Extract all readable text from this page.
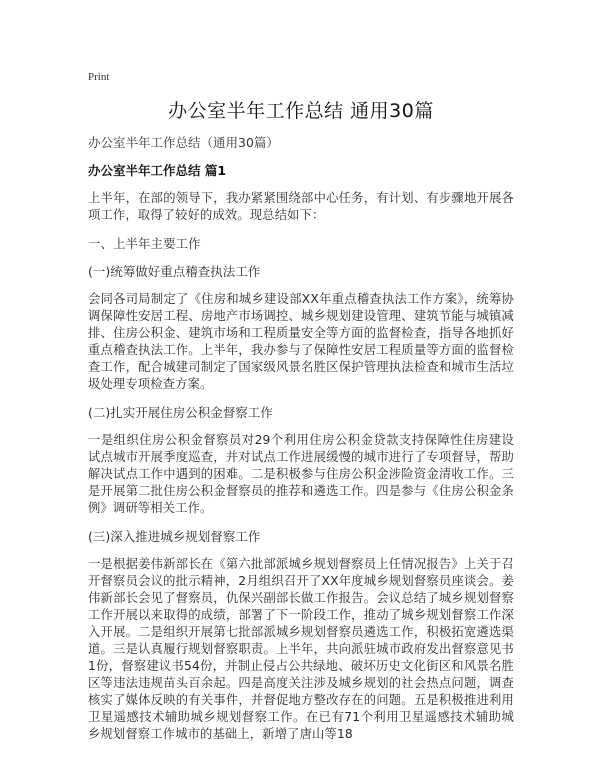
Print
办公室半年工作总结 通用30篇
办公室半年工作总结（通用30篇）
办公室半年工作总结 篇1

上半年，在部的领导下，我办紧紧围绕部中心任务，有计划、有步骤地开展各项工作，取得了较好的成效。现总结如下：

一、上半年主要工作
(一)统筹做好重点稽查执法工作

会同各司局制定了《住房和城乡建设部XX年重点稽查执法工作方案》，统筹协调保障性安居工程、房地产市场调控、城乡规划建设管理、建筑节能与城镇减排、住房公积金、建筑市场和工程质量安全等方面的监督检查，指导各地抓好重点稽查执法工作。上半年，我办参与了保障性安居工程质量等方面的监督检查工作，配合城建司制定了国家级风景名胜区保护管理执法检查和城市生活垃圾处理专项检查方案。

(二)扎实开展住房公积金督察工作

一是组织住房公积金督察员对29个利用住房公积金贷款支持保障性住房建设试点城市开展季度巡查，并对试点工作进展缓慢的城市进行了专项督导，帮助解决试点工作中遇到的困难。二是积极参与住房公积金涉险资金清收工作。三是开展第二批住房公积金督察员的推荐和遴选工作。四是参与《住房公积金条例》调研等相关工作。

(三)深入推进城乡规划督察工作

一是根据姜伟新部长在《第六批部派城乡规划督察员上任情况报告》上关于召开督察员会议的批示精神，2月组织召开了XX年度城乡规划督察员座谈会。姜伟新部长会见了督察员，仇保兴副部长做工作报告。会议总结了城乡规划督察工作开展以来取得的成绩，部署了下一阶段工作，推动了城乡规划督察工作深入开展。二是组织开展第七批部派城乡规划督察员遴选工作，积极拓宽遴选渠道。三是认真履行规划督察职责。上半年，共向派驻城市政府发出督察意见书1份，督察建议书54份，并制止侵占公共绿地、破坏历史文化街区和风景名胜区等违法违规苗头百余起。四是高度关注涉及城乡规划的社会热点问题，调查核实了媒体反映的有关事件，并督促地方整改存在的问题。五是积极推进利用卫星遥感技术辅助城乡规划督察工作。在已有71个利用卫星遥感技术辅助城乡规划督察工作城市的基础上，新增了唐山等18
